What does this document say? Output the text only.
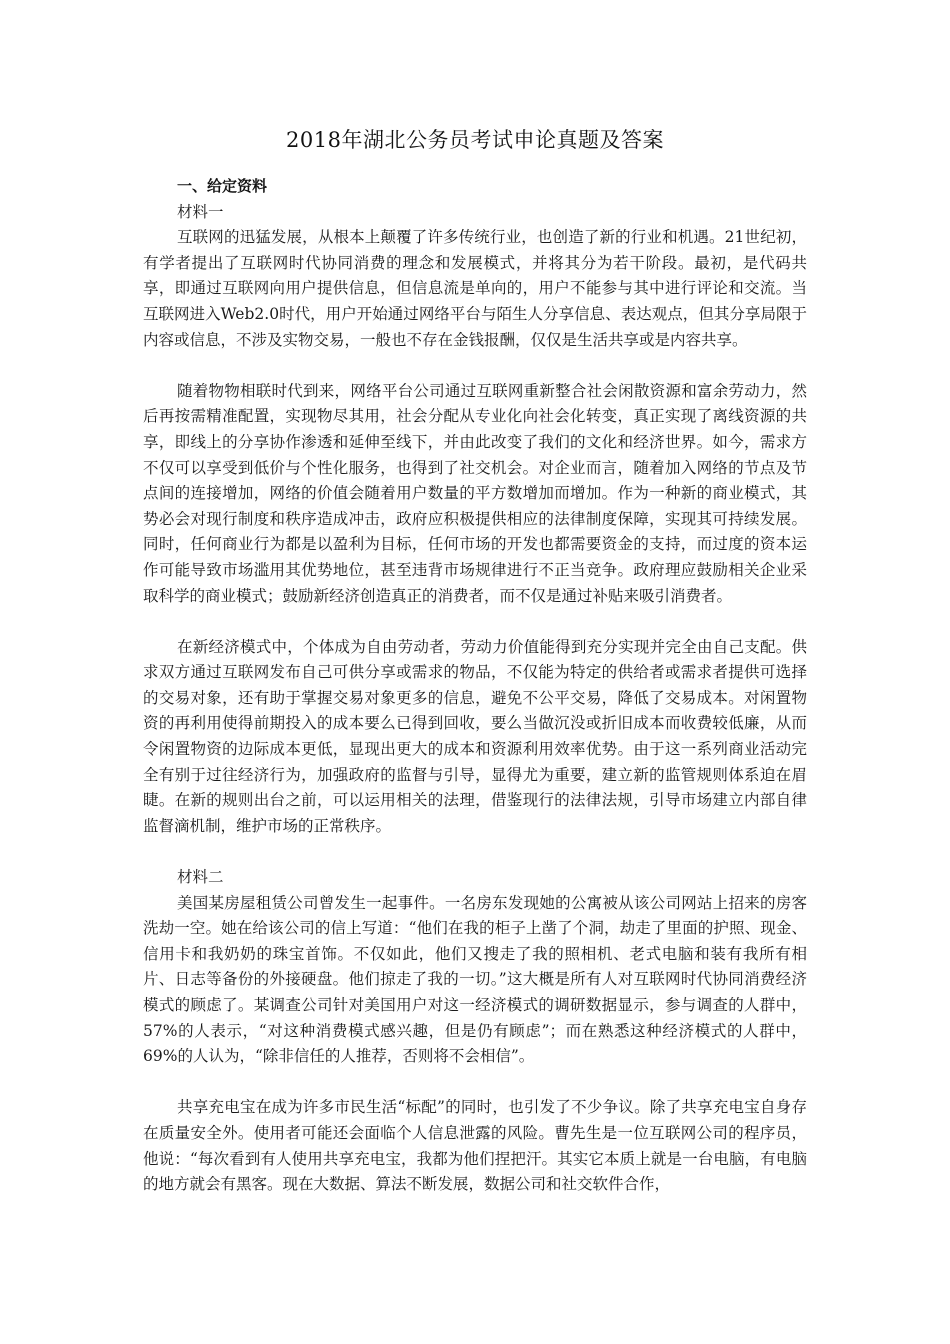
2018年湖北公务员考试申论真题及答案
一、给定资料
材料一

互联网的迅猛发展，从根本上颠覆了许多传统行业，也创造了新的行业和机遇。21世纪初，有学者提出了互联网时代协同消费的理念和发展模式，并将其分为若干阶段。最初，是代码共享，即通过互联网向用户提供信息，但信息流是单向的，用户不能参与其中进行评论和交流。当互联网进入Web2.0时代，用户开始通过网络平台与陌生人分享信息、表达观点，但其分享局限于内容或信息，不涉及实物交易，一般也不存在金钱报酬，仅仅是生活共享或是内容共享。

随着物物相联时代到来，网络平台公司通过互联网重新整合社会闲散资源和富余劳动力，然后再按需精准配置，实现物尽其用，社会分配从专业化向社会化转变，真正实现了离线资源的共享，即线上的分享协作渗透和延伸至线下，并由此改变了我们的文化和经济世界。如今，需求方不仅可以享受到低价与个性化服务，也得到了社交机会。对企业而言，随着加入网络的节点及节点间的连接增加，网络的价值会随着用户数量的平方数增加而增加。作为一种新的商业模式，其势必会对现行制度和秩序造成冲击，政府应积极提供相应的法律制度保障，实现其可持续发展。同时，任何商业行为都是以盈利为目标，任何市场的开发也都需要资金的支持，而过度的资本运作可能导致市场滥用其优势地位，甚至违背市场规律进行不正当竞争。政府理应鼓励相关企业采取科学的商业模式；鼓励新经济创造真正的消费者，而不仅是通过补贴来吸引消费者。

在新经济模式中，个体成为自由劳动者，劳动力价值能得到充分实现并完全由自己支配。供求双方通过互联网发布自己可供分享或需求的物品，不仅能为特定的供给者或需求者提供可选择的交易对象，还有助于掌握交易对象更多的信息，避免不公平交易，降低了交易成本。对闲置物资的再利用使得前期投入的成本要么已得到回收，要么当做沉没或折旧成本而收费较低廉，从而令闲置物资的边际成本更低，显现出更大的成本和资源利用效率优势。由于这一系列商业活动完全有别于过往经济行为，加强政府的监督与引导，显得尤为重要，建立新的监管规则体系迫在眉睫。在新的规则出台之前，可以运用相关的法理，借鉴现行的法律法规，引导市场建立内部自律监督滴机制，维护市场的正常秩序。

材料二

美国某房屋租赁公司曾发生一起事件。一名房东发现她的公寓被从该公司网站上招来的房客洗劫一空。她在给该公司的信上写道：“他们在我的柜子上凿了个洞，劫走了里面的护照、现金、信用卡和我奶奶的珠宝首饰。不仅如此，他们又搜走了我的照相机、老式电脑和装有我所有相片、日志等备份的外接硬盘。他们掠走了我的一切。”这大概是所有人对互联网时代协同消费经济模式的顾虑了。某调查公司针对美国用户对这一经济模式的调研数据显示，参与调查的人群中，57%的人表示，“对这种消费模式感兴趣，但是仍有顾虑”；而在熟悉这种经济模式的人群中，69%的人认为，“除非信任的人推荐，否则将不会相信”。

共享充电宝在成为许多市民生活“标配”的同时，也引发了不少争议。除了共享充电宝自身存在质量安全外。使用者可能还会面临个人信息泄露的风险。曹先生是一位互联网公司的程序员，他说：“每次看到有人使用共享充电宝，我都为他们捏把汗。其实它本质上就是一台电脑，有电脑的地方就会有黑客。现在大数据、算法不断发展，数据公司和社交软件合作，
